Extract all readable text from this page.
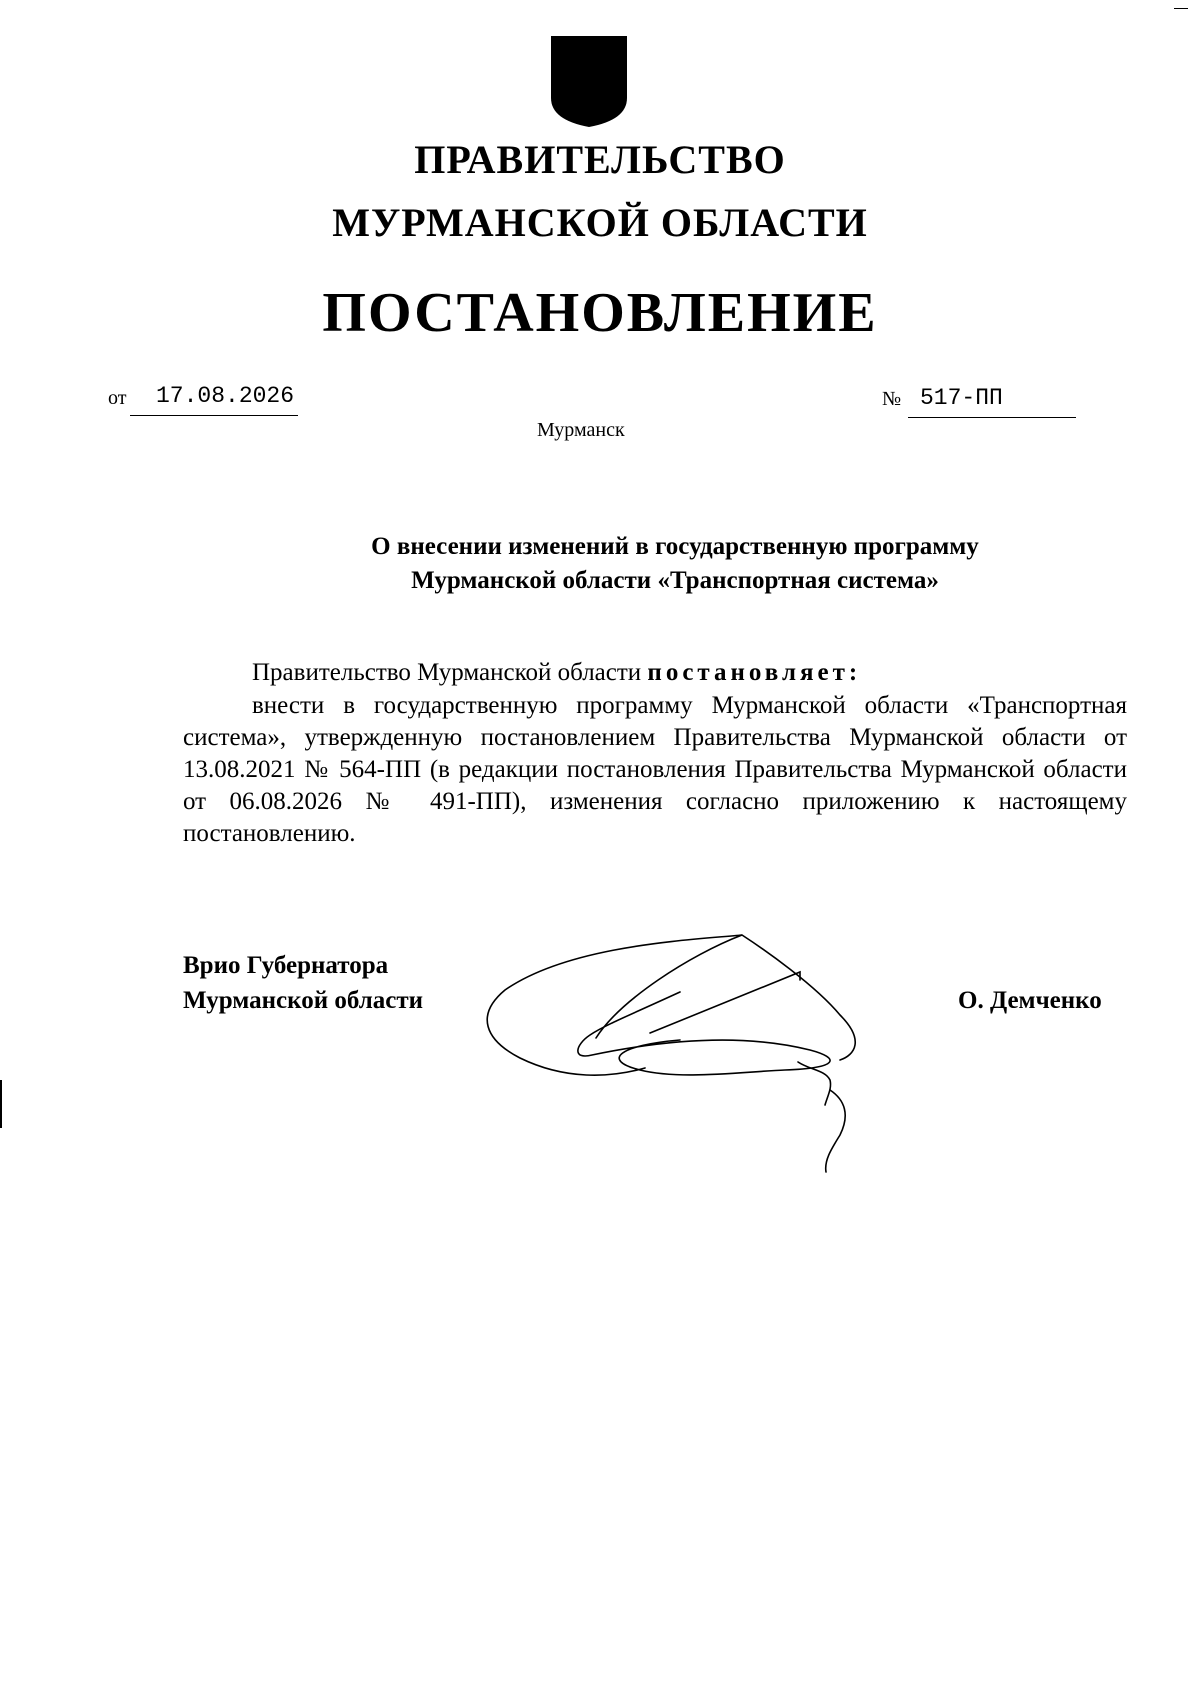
ПРАВИТЕЛЬСТВО
МУРМАНСКОЙ ОБЛАСТИ
ПОСТАНОВЛЕНИЕ
от 17.08.2026	№ 517-ПП
Мурманск
О внесении изменений в государственную программу
Мурманской области «Транспортная система»
Правительство Мурманской области постановляет:
внести в государственную программу Мурманской области «Транспортная система», утвержденную постановлением Правительства Мурманской области от 13.08.2021 № 564-ПП (в редакции постановления Правительства Мурманской области от 06.08.2026 № 491-ПП), изменения согласно приложению к настоящему постановлению.
Врио Губернатора
Мурманской области	О. Демченко
